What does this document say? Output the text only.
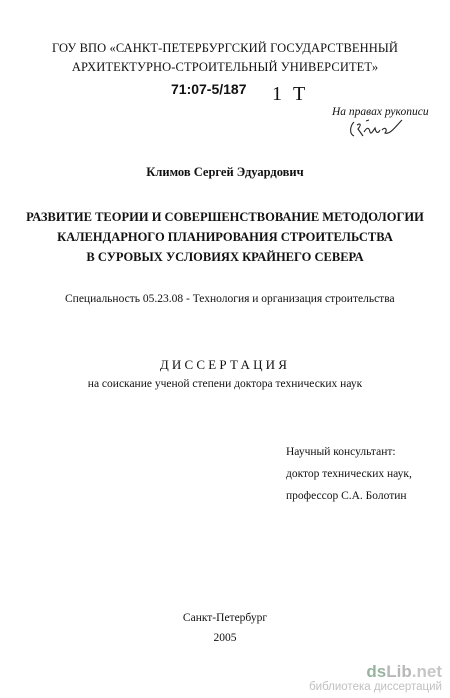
ГОУ ВПО «САНКТ-ПЕТЕРБУРГСКИЙ ГОСУДАРСТВЕННЫЙ
АРХИТЕКТУРНО-СТРОИТЕЛЬНЫЙ УНИВЕРСИТЕТ»
71:07-5/187 1 Т
На правах рукописи
Климов Сергей Эдуардович
РАЗВИТИЕ ТЕОРИИ И СОВЕРШЕНСТВОВАНИЕ МЕТОДОЛОГИИ
КАЛЕНДАРНОГО ПЛАНИРОВАНИЯ СТРОИТЕЛЬСТВА
В СУРОВЫХ УСЛОВИЯХ КРАЙНЕГО СЕВЕРА
Специальность 05.23.08 - Технология и организация строительства
ДИССЕРТАЦИЯ
на соискание ученой степени доктора технических наук
Научный консультант:
доктор технических наук,
профессор С.А. Болотин
Санкт-Петербург
2005
dsLib.net
библиотека диссертаций
